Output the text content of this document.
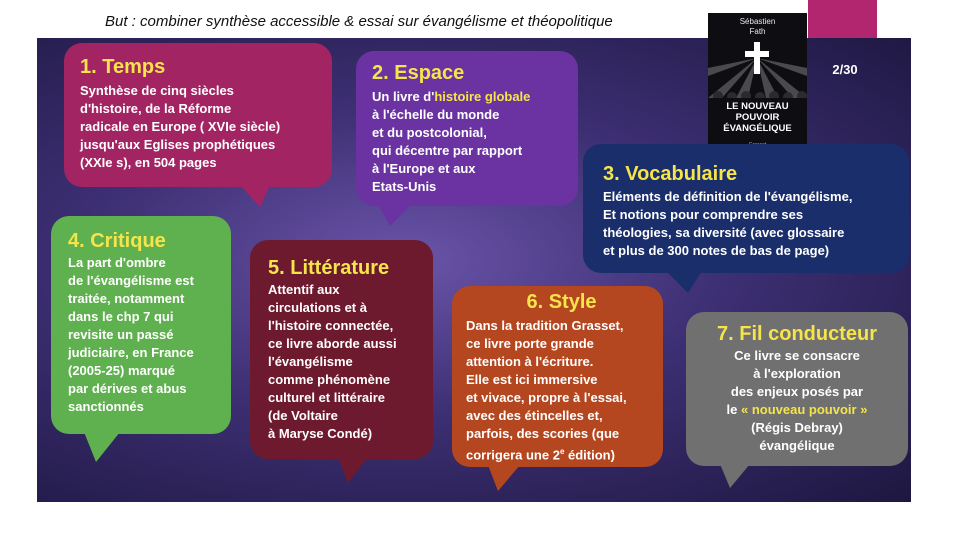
But : combiner synthèse accessible & essai sur évangélisme et théopolitique
2/30
Sébastien
Fath
LE NOUVEAU
POUVOIR
ÉVANGÉLIQUE
1. Temps

Synthèse de cinq siècles
d'histoire, de la Réforme
radicale en Europe ( XVIe siècle)
jusqu'aux Eglises prophétiques
(XXIe s), en 504 pages

2. Espace

Un livre d'histoire globale
à l'échelle du monde
et du postcolonial,
qui décentre par rapport
à l'Europe et aux
Etats-Unis

3. Vocabulaire

Eléments de définition de l'évangélisme,
Et notions pour comprendre ses
théologies, sa diversité (avec glossaire
et plus de 300 notes de bas de page)

4. Critique

La part d'ombre
de l'évangélisme est
traitée, notamment
dans le chp 7 qui
revisite un passé
judiciaire, en France
(2005-25) marqué
par dérives et abus
sanctionnés

5. Littérature

Attentif aux
circulations et à
l'histoire connectée,
ce livre aborde aussi
l'évangélisme
comme phénomène
culturel et littéraire
(de Voltaire
à Maryse Condé)

6. Style

Dans la tradition Grasset,
ce livre porte grande
attention à l'écriture.
Elle est ici immersive
et vivace, propre à l'essai,
avec des étincelles et,
parfois, des scories (que
corrigera une 2e édition)

7. Fil conducteur

Ce livre se consacre
à l'exploration
des enjeux posés par
le « nouveau pouvoir »
(Régis Debray)
évangélique
